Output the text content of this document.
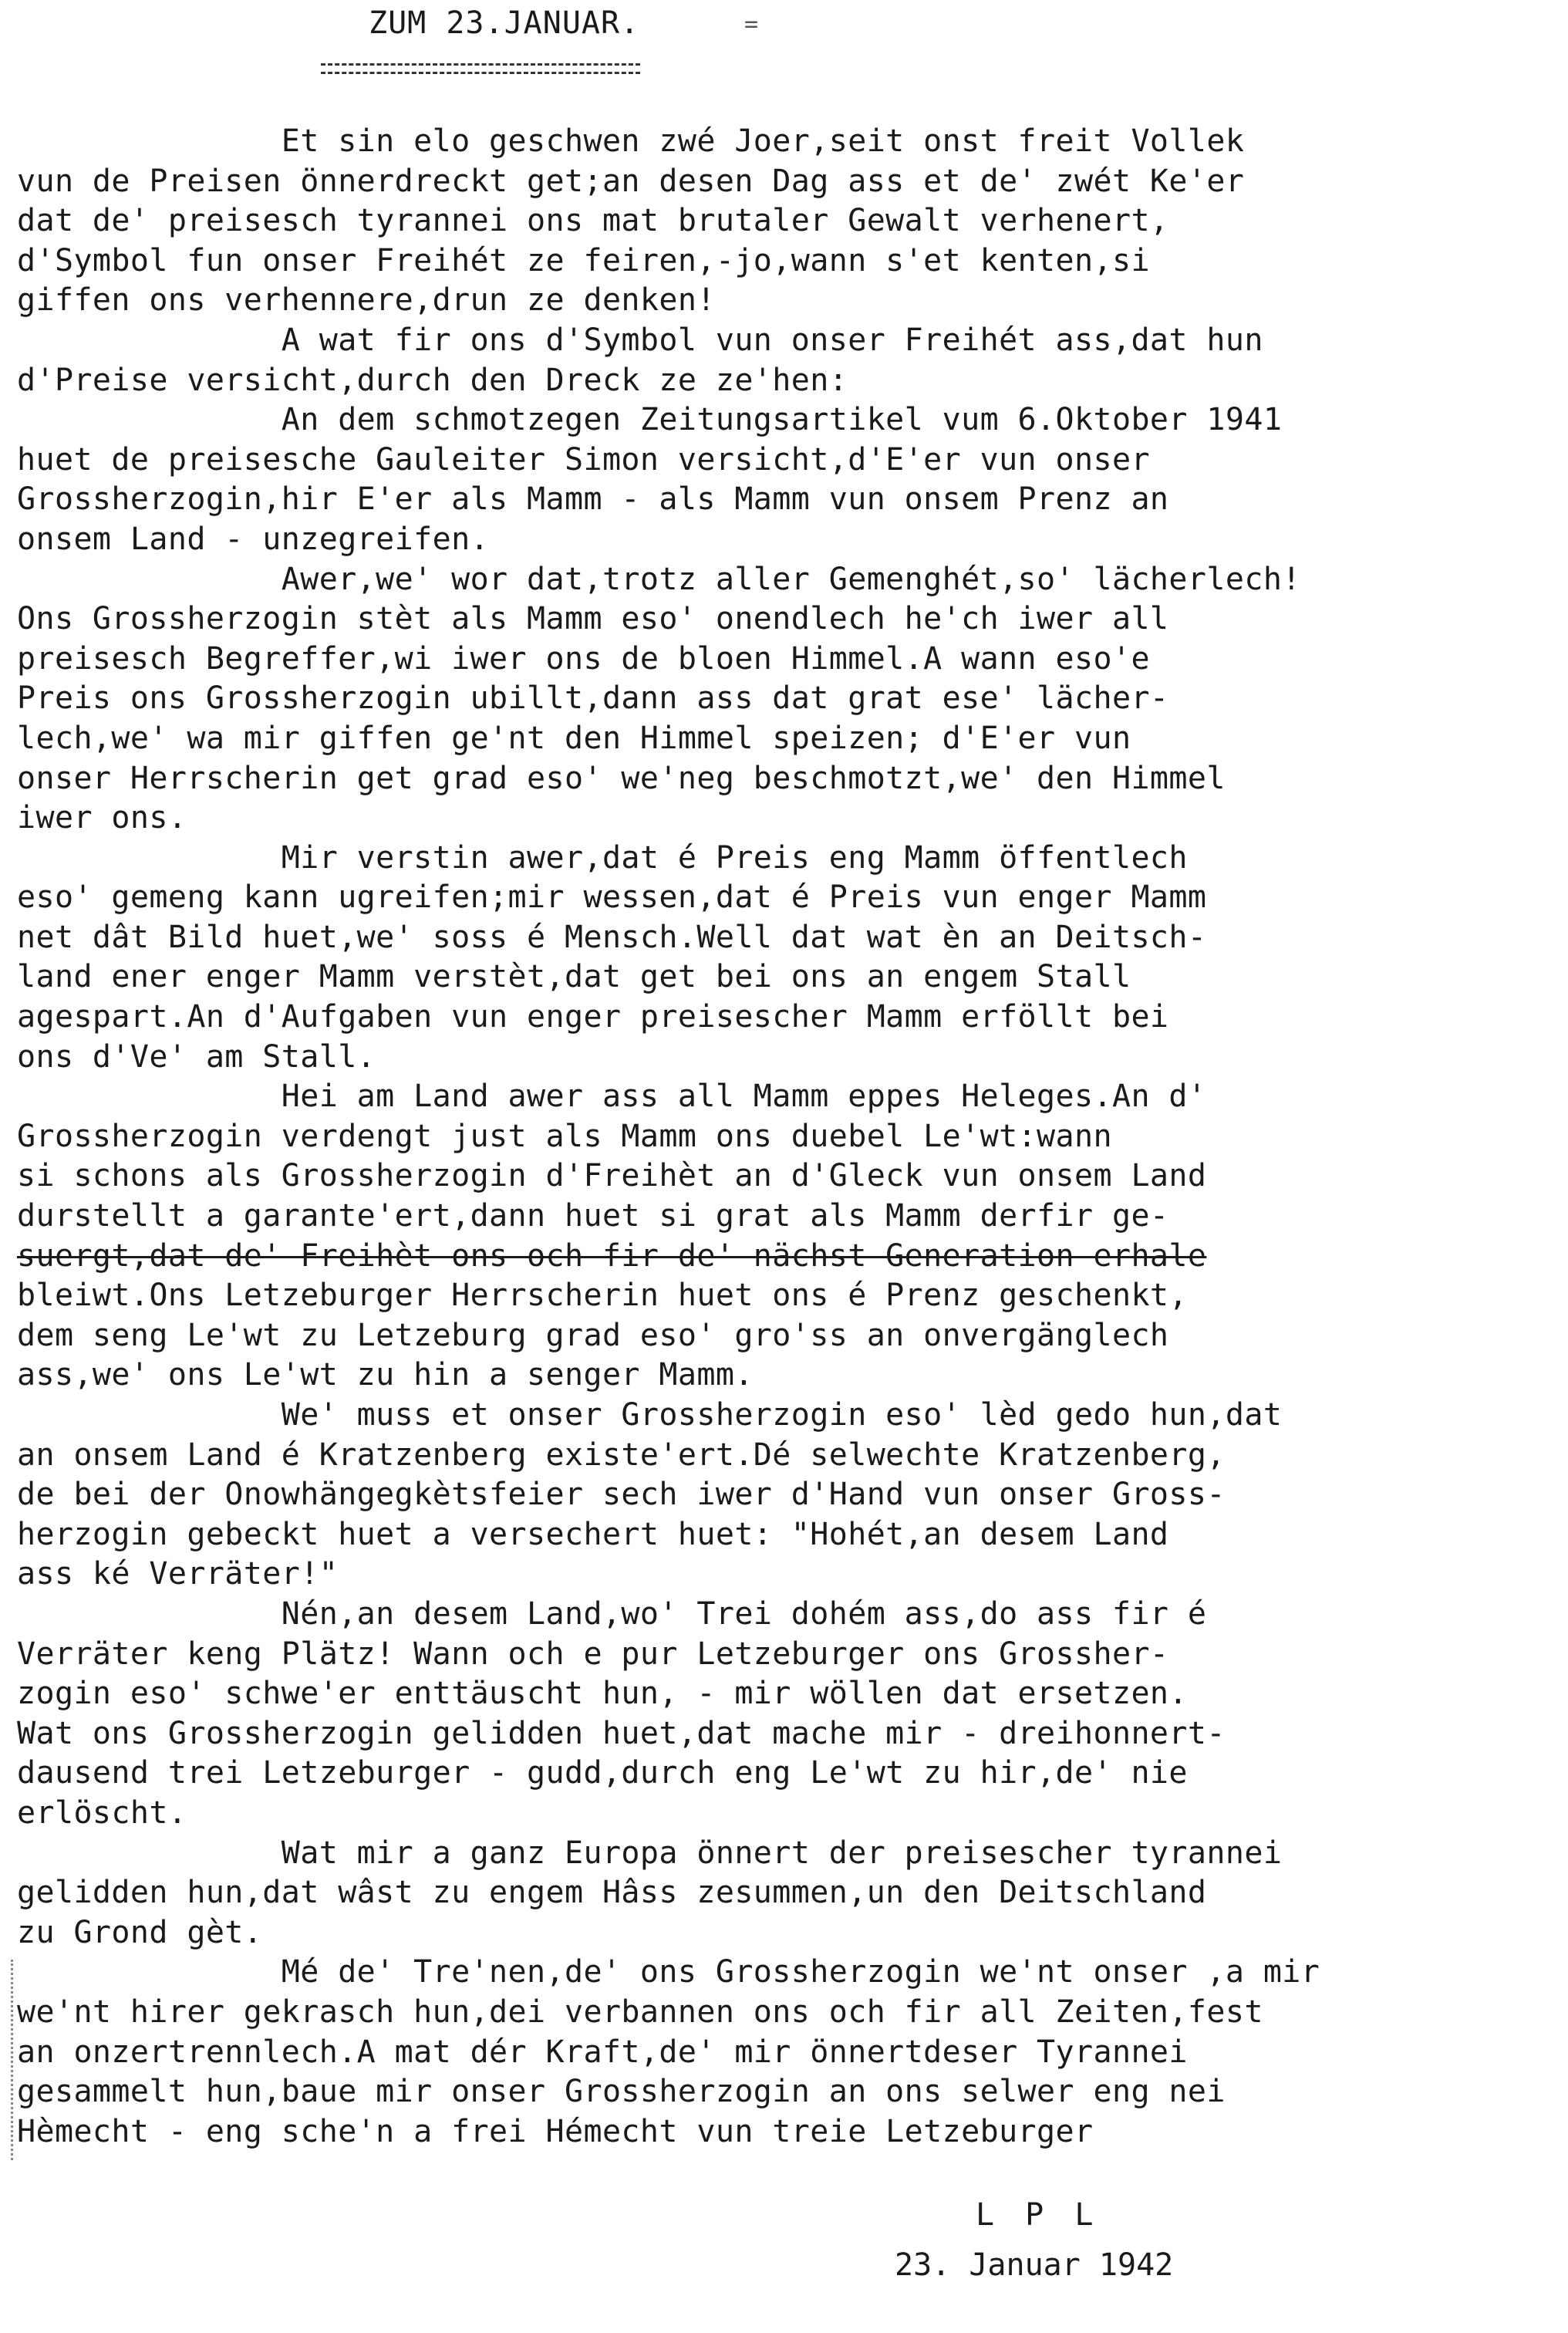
ZUM 23.JANUAR.	=
Et sin elo geschwen zwé Joer,seit onst freit Vollek
vun de Preisen önnerdreckt get;an desen Dag ass et de' zwét Ke'er
dat de' preisesch tyrannei ons mat brutaler Gewalt verhenert,
d'Symbol fun onser Freihét ze feiren,-jo,wann s'et kenten,si
giffen ons verhennere,drun ze denken!
A wat fir ons d'Symbol vun onser Freihét ass,dat hun
d'Preise versicht,durch den Dreck ze ze'hen:
An dem schmotzegen Zeitungsartikel vum 6.Oktober 1941
huet de preisesche Gauleiter Simon versicht,d'E'er vun onser
Grossherzogin,hir E'er als Mamm - als Mamm vun onsem Prenz an
onsem Land - unzegreifen.
Awer,we' wor dat,trotz aller Gemenghét,so' lächerlech!
Ons Grossherzogin stèt als Mamm eso' onendlech he'ch iwer all
preisesch Begreffer,wi iwer ons de bloen Himmel.A wann eso'e
Preis ons Grossherzogin ubillt,dann ass dat grat ese' lächer-
lech,we' wa mir giffen ge'nt den Himmel speizen; d'E'er vun
onser Herrscherin get grad eso' we'neg beschmotzt,we' den Himmel
iwer ons.
Mir verstin awer,dat é Preis eng Mamm öffentlech
eso' gemeng kann ugreifen;mir wessen,dat é Preis vun enger Mamm
net dât Bild huet,we' soss é Mensch.Well dat wat èn an Deitsch-
land ener enger Mamm verstèt,dat get bei ons an engem Stall
agespart.An d'Aufgaben vun enger preisescher Mamm erföllt bei
ons d'Ve' am Stall.
Hei am Land awer ass all Mamm eppes Heleges.An d'
Grossherzogin verdengt just als Mamm ons duebel Le'wt:wann
si schons als Grossherzogin d'Freihèt an d'Gleck vun onsem Land
durstellt a garante'ert,dann huet si grat als Mamm derfir ge-
suergt,dat de' Freihèt ons och fir de' nächst Generation erhale
bleiwt.Ons Letzeburger Herrscherin huet ons é Prenz geschenkt,
dem seng Le'wt zu Letzeburg grad eso' gro'ss an onvergänglech
ass,we' ons Le'wt zu hin a senger Mamm.
We' muss et onser Grossherzogin eso' lèd gedo hun,dat
an onsem Land é Kratzenberg existe'ert.Dé selwechte Kratzenberg,
de bei der Onowhängegkètsfeier sech iwer d'Hand vun onser Gross-
herzogin gebeckt huet a versechert huet: "Hohét,an desem Land
ass ké Verräter!"
Nén,an desem Land,wo' Trei dohém ass,do ass fir é
Verräter keng Plätz! Wann och e pur Letzeburger ons Grossher-
zogin eso' schwe'er enttäuscht hun, - mir wöllen dat ersetzen.
Wat ons Grossherzogin gelidden huet,dat mache mir - dreihonnert-
dausend trei Letzeburger - gudd,durch eng Le'wt zu hir,de' nie
erlöscht.
Wat mir a ganz Europa önnert der preisescher tyrannei
gelidden hun,dat wâst zu engem Hâss zesummen,un den Deitschland
zu Grond gèt.
Mé de' Tre'nen,de' ons Grossherzogin we'nt onser ,a mir
we'nt hirer gekrasch hun,dei verbannen ons och fir all Zeiten,fest
an onzertrennlech.A mat dér Kraft,de' mir önnertdeser Tyrannei
gesammelt hun,baue mir onser Grossherzogin an ons selwer eng nei
Hèmecht - eng sche'n a frei Hémecht vun treie Letzeburger
L P L
23. Januar 1942
